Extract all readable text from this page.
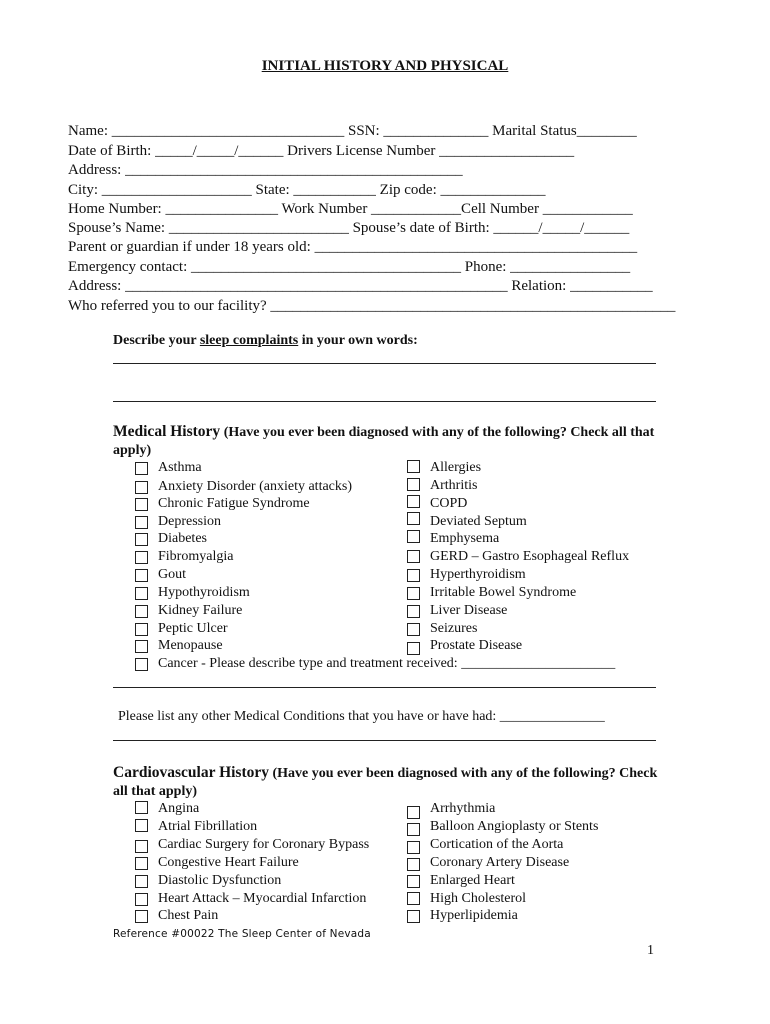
INITIAL HISTORY AND PHYSICAL
Name: _______________________________ SSN: ______________ Marital Status________
Date of Birth: _____/_____/______ Drivers License Number __________________
Address: _____________________________________________
City: ____________________ State: ___________ Zip code: ______________
Home Number: _______________ Work Number ____________Cell Number ____________
Spouse’s Name: ________________________ Spouse’s date of Birth: ______/_____/______
Parent or guardian if under 18 years old: ___________________________________________
Emergency contact: ____________________________________ Phone: ________________
Address: ___________________________________________________ Relation: ___________
Who referred you to our facility? ______________________________________________________
Describe your sleep complaints in your own words:
Medical History (Have you ever been diagnosed with any of the following? Check all that apply)
Asthma
Anxiety Disorder (anxiety attacks)
Chronic Fatigue Syndrome
Depression
Diabetes
Fibromyalgia
Gout
Hypothyroidism
Kidney Failure
Peptic Ulcer
Menopause
Cancer - Please describe type and treatment received: ______________________
Allergies
Arthritis
COPD
Deviated Septum
Emphysema
GERD – Gastro Esophageal Reflux
Hyperthyroidism
Irritable Bowel Syndrome
Liver Disease
Seizures
Prostate Disease
Please list any other Medical Conditions that you have or have had: _______________
Cardiovascular History (Have you ever been diagnosed with any of the following? Check all that apply)
Angina
Atrial Fibrillation
Cardiac Surgery for Coronary Bypass
Congestive Heart Failure
Diastolic Dysfunction
Heart Attack – Myocardial Infarction
Chest Pain
Arrhythmia
Balloon Angioplasty or Stents
Cortication of the Aorta
Coronary Artery Disease
Enlarged Heart
High Cholesterol
Hyperlipidemia
Reference #00022 The Sleep Center of Nevada
1
